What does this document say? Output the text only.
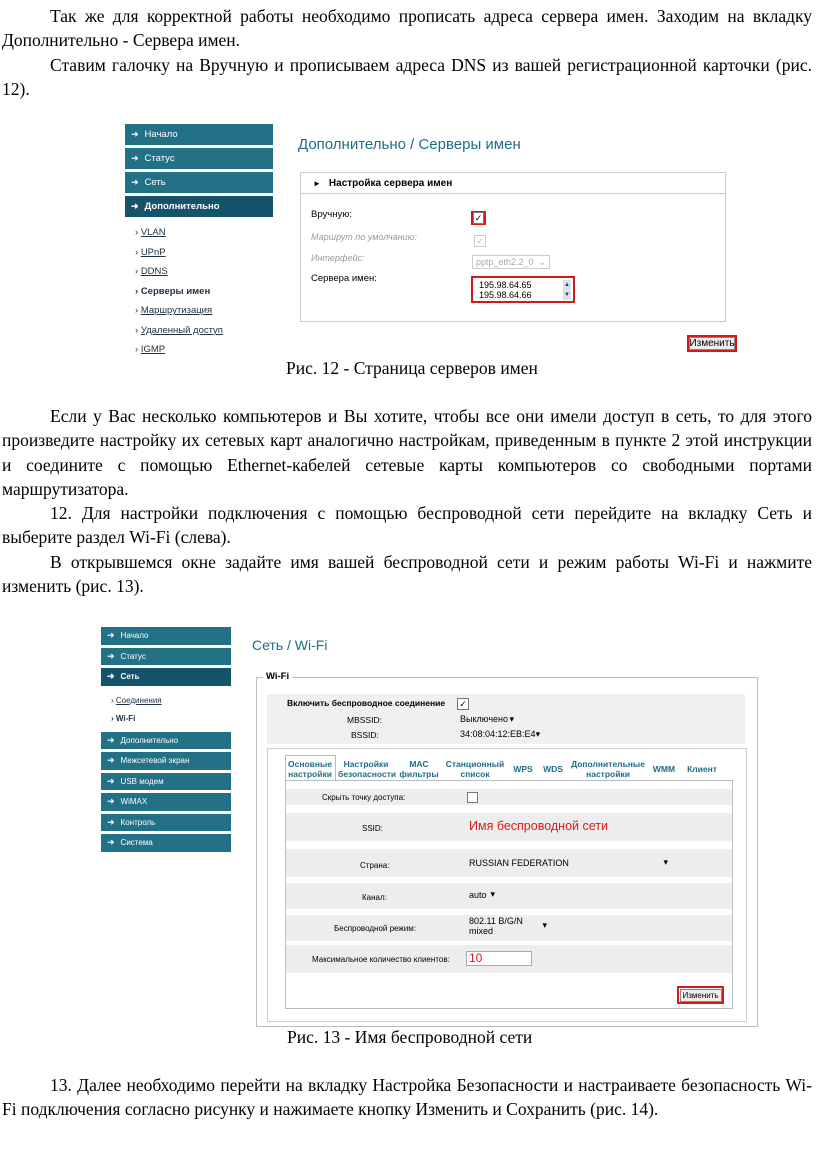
Так же для корректной работы необходимо прописать адреса сервера имен. Заходим на вкладку Дополнительно - Сервера имен.

Ставим галочку на Вручную и прописываем адреса DNS из вашей регистрационной карточки (рис. 12).

➜ Начало
➜ Статус
➜ Сеть
➜ Дополнительно
› VLAN
› UPnP
› DDNS
› Серверы имен
› Маршрутизация
› Удаленный доступ
› IGMP
Дополнительно / Серверы имен
► Настройка сервера имен
Вручную:	✓
Маршрут по умолчанию:	✓
Интерфейс:	pptp_eth2.2_0 ⌄
Сервера имен:
195.98.64.65
195.98.64.66
▲
▼
Изменить
Рис. 12 - Страница серверов имен

Если у Вас несколько компьютеров и Вы хотите, чтобы все они имели доступ в сеть, то для этого произведите настройку их сетевых карт аналогично настройкам, приведенным в пункте 2 этой инструкции и соедините с помощью Ethernet-кабелей сетевые карты компьютеров со свободными портами маршрутизатора.

12. Для настройки подключения с помощью беспроводной сети перейдите на вкладку Сеть и выберите раздел Wi-Fi (слева).

В открывшемся окне задайте имя вашей беспроводной сети и режим работы Wi-Fi и нажмите изменить (рис. 13).

➜ Начало
➜ Статус
➜ Сеть
› Соединения
› Wi-Fi
➜ Дополнительно
➜ Межсетевой экран
➜ USB модем
➜ WiMAX
➜ Контроль
➜ Система
Сеть / Wi-Fi
Wi-Fi
Включить беспроводное соединение ✓
MBSSID:	Выключено ▾
BSSID:	34:08:04:12:EB:E4 ▾
Основные
настройки
Настройки
безопасности
MAC
фильтры
Станционный
список	WPS	WDS Дополнительные
настройки	WMM	Клиент
Скрыть точку доступа:
SSID:	Имя беспроводной сети
Страна:	RUSSIAN FEDERATION	▾
Канал:	auto ▾
Беспроводной режим:
802.11 B/G/N mixed
▾
Максимальное количество клиентов: 10
Изменить
Рис. 13 - Имя беспроводной сети

13. Далее необходимо перейти на вкладку Настройка Безопасности и настраиваете безопасность Wi-Fi подключения согласно рисунку и нажимаете кнопку Изменить и Сохранить (рис. 14).
